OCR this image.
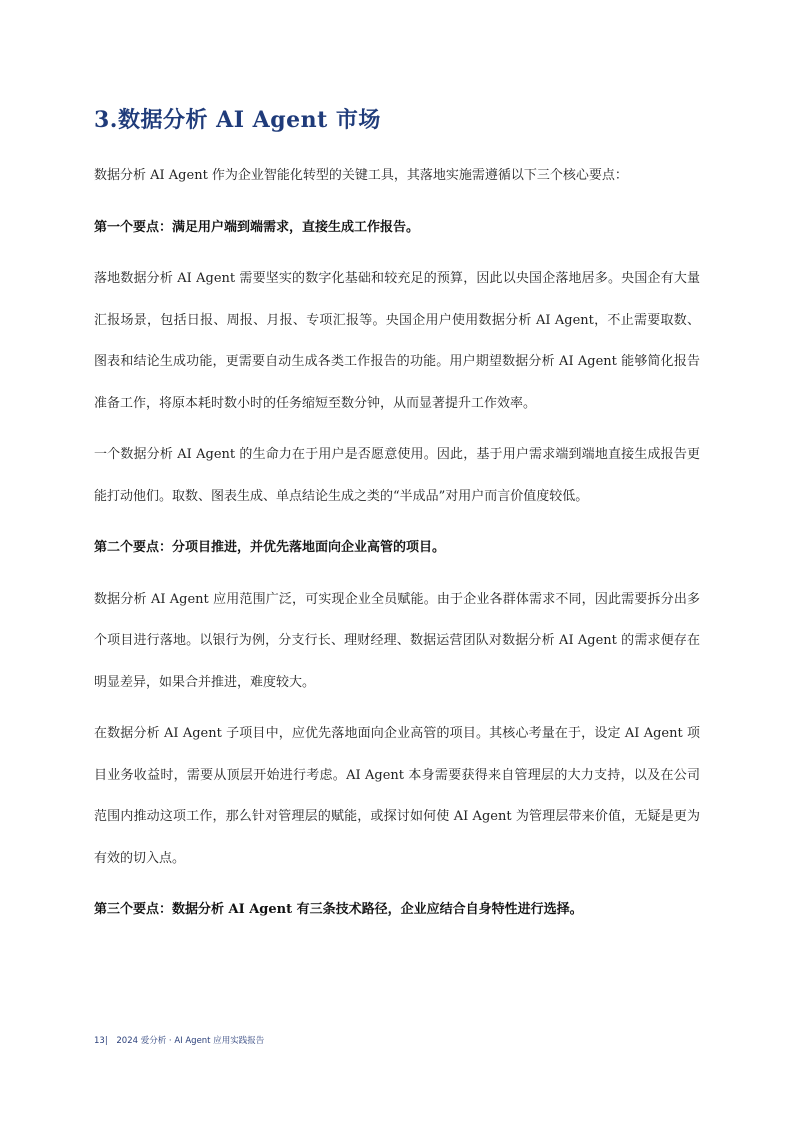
3.数据分析 AI Agent 市场

数据分析 AI Agent 作为企业智能化转型的关键工具，其落地实施需遵循以下三个核心要点：

第一个要点：满足用户端到端需求，直接生成工作报告。

落地数据分析 AI Agent 需要坚实的数字化基础和较充足的预算，因此以央国企落地居多。央国企有大量汇报场景，包括日报、周报、月报、专项汇报等。央国企用户使用数据分析 AI Agent，不止需要取数、图表和结论生成功能，更需要自动生成各类工作报告的功能。用户期望数据分析 AI Agent 能够简化报告准备工作，将原本耗时数小时的任务缩短至数分钟，从而显著提升工作效率。

一个数据分析 AI Agent 的生命力在于用户是否愿意使用。因此，基于用户需求端到端地直接生成报告更能打动他们。取数、图表生成、单点结论生成之类的“半成品”对用户而言价值度较低。

第二个要点：分项目推进，并优先落地面向企业高管的项目。

数据分析 AI Agent 应用范围广泛，可实现企业全员赋能。由于企业各群体需求不同，因此需要拆分出多个项目进行落地。以银行为例，分支行长、理财经理、数据运营团队对数据分析 AI Agent 的需求便存在明显差异，如果合并推进，难度较大。

在数据分析 AI Agent 子项目中，应优先落地面向企业高管的项目。其核心考量在于，设定 AI Agent 项目业务收益时，需要从顶层开始进行考虑。AI Agent 本身需要获得来自管理层的大力支持，以及在公司范围内推动这项工作，那么针对管理层的赋能，或探讨如何使 AI Agent 为管理层带来价值，无疑是更为有效的切入点。

第三个要点：数据分析 AI Agent 有三条技术路径，企业应结合自身特性进行选择。

13| 2024 爱分析 · AI Agent 应用实践报告
